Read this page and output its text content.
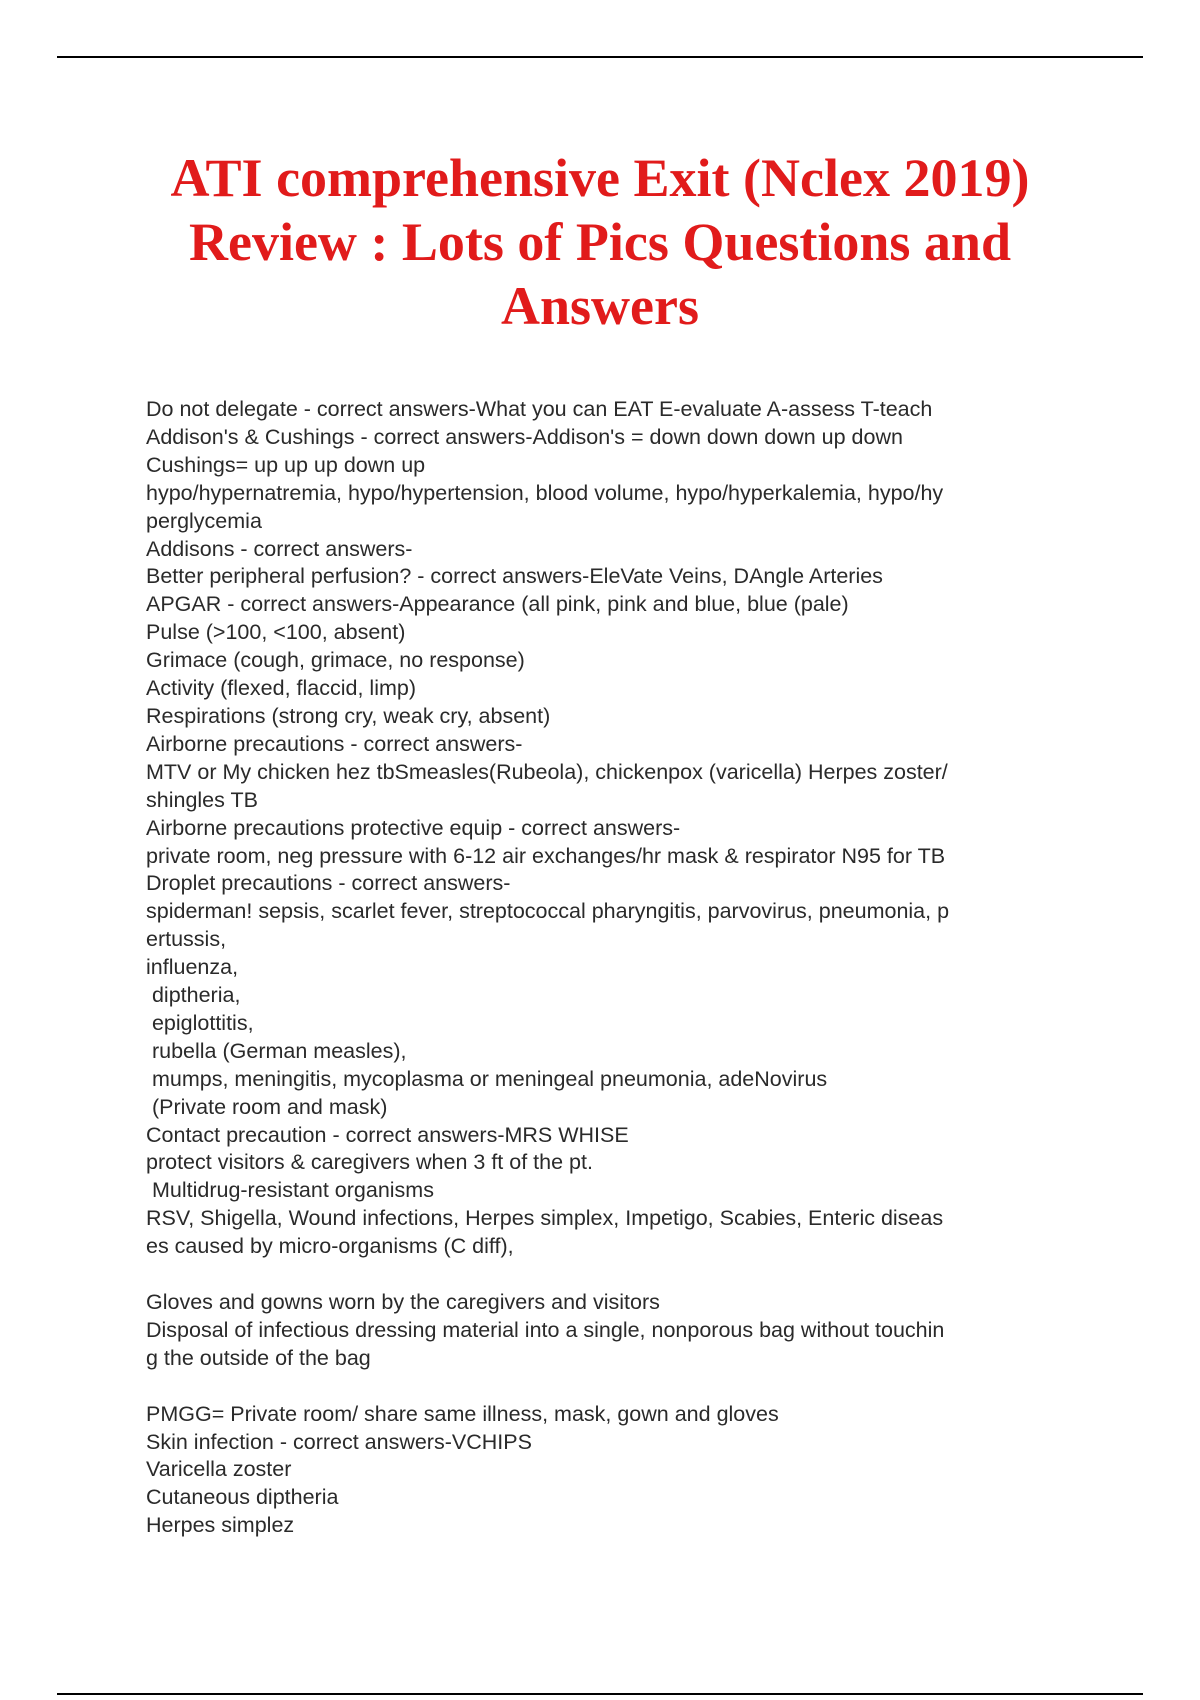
ATI comprehensive Exit (Nclex 2019)
Review : Lots of Pics Questions and
Answers
Do not delegate - correct answers-What you can EAT E-evaluate A-assess T-teach
Addison's & Cushings - correct answers-Addison's = down down down up down
Cushings= up up up down up
hypo/hypernatremia, hypo/hypertension, blood volume, hypo/hyperkalemia, hypo/hy
perglycemia
Addisons - correct answers-
Better peripheral perfusion? - correct answers-EleVate Veins, DAngle Arteries
APGAR - correct answers-Appearance (all pink, pink and blue, blue (pale)
Pulse (>100, <100, absent)
Grimace (cough, grimace, no response)
Activity (flexed, flaccid, limp)
Respirations (strong cry, weak cry, absent)
Airborne precautions - correct answers-
MTV or My chicken hez tbSmeasles(Rubeola), chickenpox (varicella) Herpes zoster/
shingles TB
Airborne precautions protective equip - correct answers-
private room, neg pressure with 6-12 air exchanges/hr mask & respirator N95 for TB
Droplet precautions - correct answers-
spiderman! sepsis, scarlet fever, streptococcal pharyngitis, parvovirus, pneumonia, p
ertussis,
influenza,
diptheria,
epiglottitis,
rubella (German measles),
mumps, meningitis, mycoplasma or meningeal pneumonia, adeNovirus
(Private room and mask)
Contact precaution - correct answers-MRS WHISE
protect visitors & caregivers when 3 ft of the pt.
Multidrug-resistant organisms
RSV, Shigella, Wound infections, Herpes simplex, Impetigo, Scabies, Enteric diseas
es caused by micro-organisms (C diff),
Gloves and gowns worn by the caregivers and visitors
Disposal of infectious dressing material into a single, nonporous bag without touchin
g the outside of the bag
PMGG= Private room/ share same illness, mask, gown and gloves
Skin infection - correct answers-VCHIPS
Varicella zoster
Cutaneous diptheria
Herpes simplez
